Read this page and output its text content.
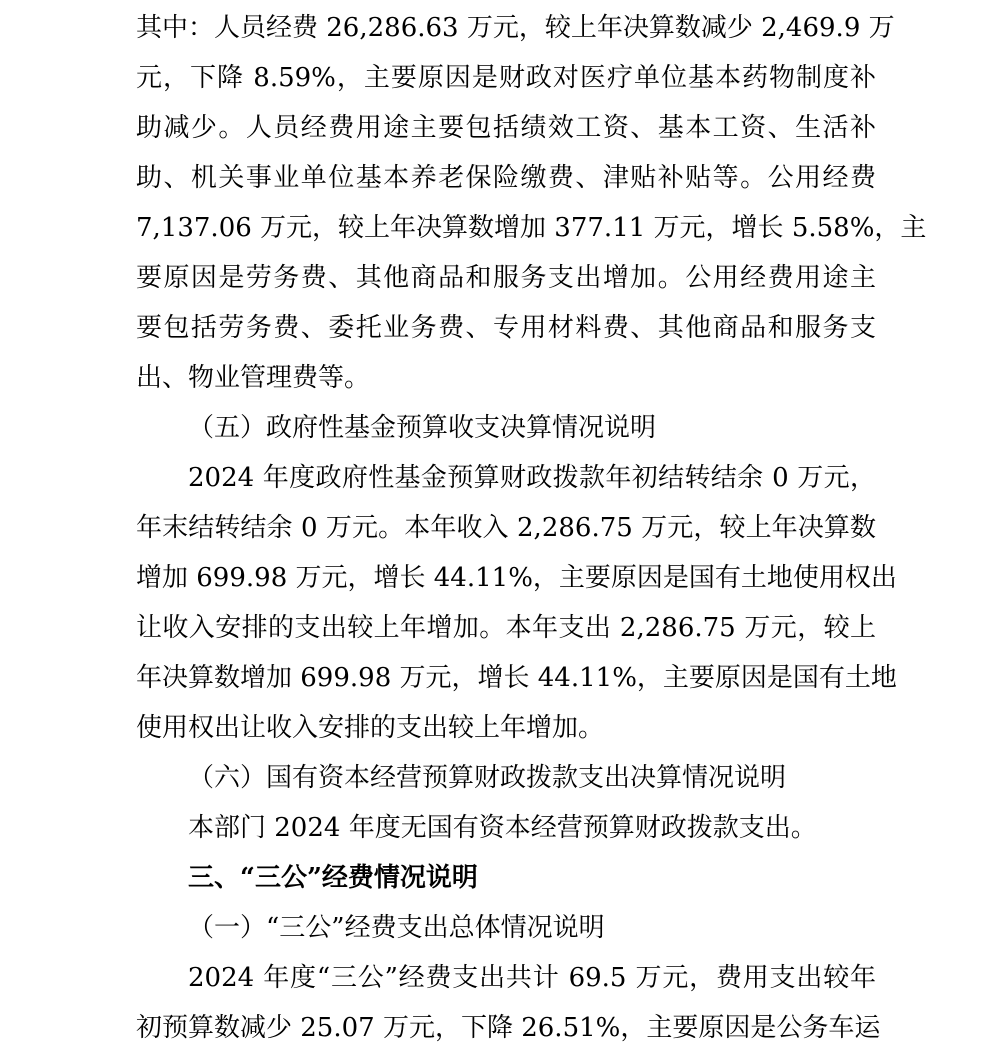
其中：人员经费 26,286.63 万元，较上年决算数减少 2,469.9 万
元，下降 8.59%，主要原因是财政对医疗单位基本药物制度补
助减少。人员经费用途主要包括绩效工资、基本工资、生活补
助、机关事业单位基本养老保险缴费、津贴补贴等。公用经费
7,137.06 万元，较上年决算数增加 377.11 万元，增长 5.58%，主
要原因是劳务费、其他商品和服务支出增加。公用经费用途主
要包括劳务费、委托业务费、专用材料费、其他商品和服务支
出、物业管理费等。
（五）政府性基金预算收支决算情况说明
2024 年度政府性基金预算财政拨款年初结转结余 0 万元，
年末结转结余 0 万元。本年收入 2,286.75 万元，较上年决算数
增加 699.98 万元，增长 44.11%，主要原因是国有土地使用权出
让收入安排的支出较上年增加。本年支出 2,286.75 万元，较上
年决算数增加 699.98 万元，增长 44.11%，主要原因是国有土地
使用权出让收入安排的支出较上年增加。
（六）国有资本经营预算财政拨款支出决算情况说明
本部门 2024 年度无国有资本经营预算财政拨款支出。
三、“三公”经费情况说明
（一）“三公”经费支出总体情况说明
2024 年度“三公”经费支出共计 69.5 万元，费用支出较年
初预算数减少 25.07 万元，下降 26.51%，主要原因是公务车运
